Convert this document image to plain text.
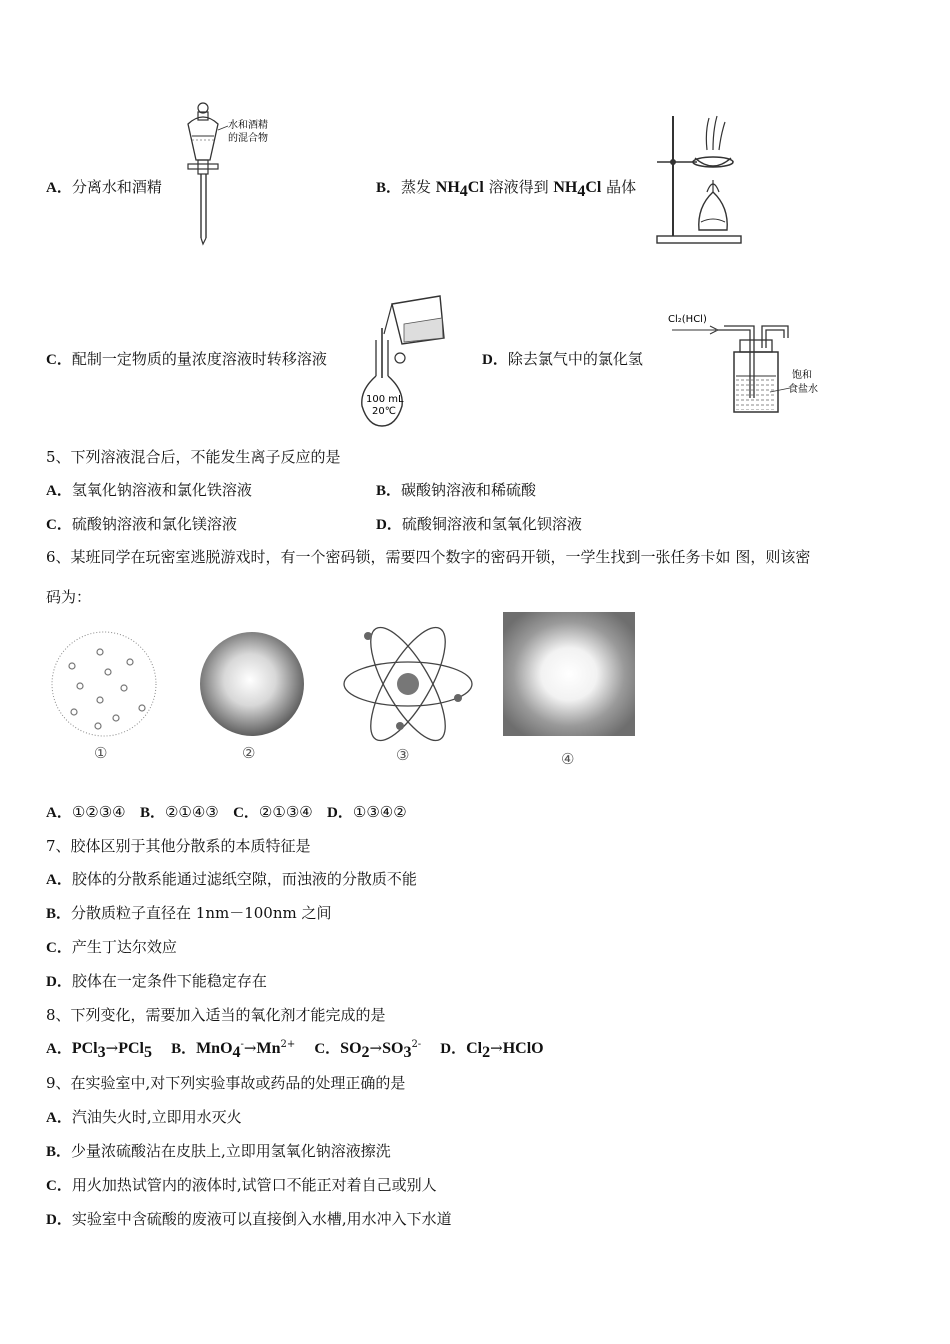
A．分离水和酒精
水和酒精
的混合物
B．蒸发 $NH_4Cl$ 溶液得到 $NH_4Cl$ 晶体
C．配制一定物质的量浓度溶液时转移溶液
100 mL
20℃
D．除去氯气中的氯化氢
Cl₂(HCl)
饱和
食盐水
5、下列溶液混合后，不能发生离子反应的是
A．氢氧化钠溶液和氯化铁溶液	B．碳酸钠溶液和稀硫酸
C．硫酸钠溶液和氯化镁溶液	D．硫酸铜溶液和氢氧化钡溶液
6、某班同学在玩密室逃脱游戏时，有一个密码锁，需要四个数字的密码开锁，一学生找到一张任务卡如 图，则该密
码为：
①	②	③	④
A．①②③④ B．②①④③ C．②①③④ D．①③④②
7、胶体区别于其他分散系的本质特征是
A．胶体的分散系能通过滤纸空隙，而浊液的分散质不能
B．分散质粒子直径在 1nm－100nm 之间
C．产生丁达尔效应
D．胶体在一定条件下能稳定存在
8、下列变化，需要加入适当的氧化剂才能完成的是
A．PCl$_3$→PCl$_5$ B．$MnO_4^-\to Mn^{2+}$ C．$SO_2\to SO_3^{2-}$ D．$Cl_2\to HClO$
9、在实验室中,对下列实验事故或药品的处理正确的是
A．汽油失火时,立即用水灭火
B．少量浓硫酸沾在皮肤上,立即用氢氧化钠溶液擦洗
C．用火加热试管内的液体时,试管口不能正对着自己或别人
D．实验室中含硫酸的废液可以直接倒入水槽,用水冲入下水道
